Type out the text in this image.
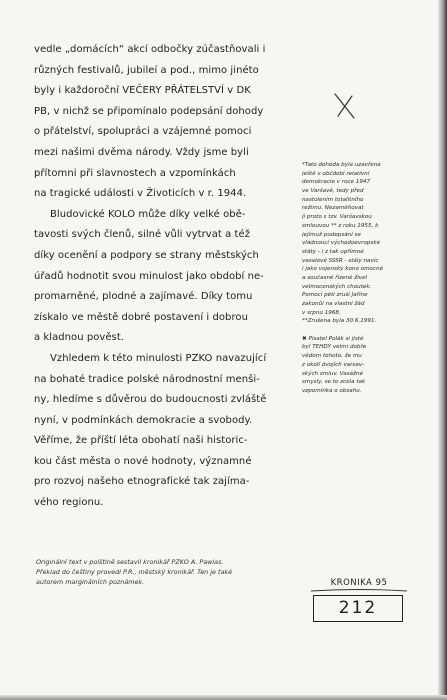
vedle „domácích“ akcí odbočky zúčastňovali i
různých festivalů, jubileí a pod., mimo jinéto
byly i každoroční VEČERY PŘÁTELSTVÍ v DK
PB, v nichž se připomínalo podepsání dohody
o přátelství, spolupráci a vzájemné pomoci
mezi našimi dvěma národy. Vždy jsme byli
přítomni při slavnostech a vzpomínkách
na tragické události v Životicích v r. 1944.
Bludovické KOLO může díky velké obě-
tavosti svých členů, silné vůli vytrvat a též
díky ocenění a podpory se strany městských
úřadů hodnotit svou minulost jako období ne-
promarněné, plodné a zajímavé. Díky tomu
získalo ve městě dobré postavení i dobrou
a kladnou pověst.
Vzhledem k této minulosti PZKO navazující
na bohaté tradice polské národnostní menši-
ny, hledíme s důvěrou do budoucnosti zvláště
nyní, v podmínkách demokracie a svobody.
Věříme, že příští léta obohatí naši historic-
kou část města o nové hodnoty, významné
pro rozvoj našeho etnografické tak zajíma-
vého regionu.
*Tato dohoda byla uzavřena
ještě v občdobí relativní
demokracie v roce 1947
ve Varšavě, tedy před
nastolením totalitního
režimu. Nezaměňovat
ji proto s tzv. Varšavskou
smlouvou ** z roku 1955, k
jejímuž podepsání se
vládnoucí východoevropské
státy - i z tak upřímné
vasalové SSSR - stály navíc
i jako vojensky konó omocné
a současně řízené živel
velmocenských choutek.
Pomocí pěti zruší Jaříne
zakonůl na vlastní žád
v srpnu 1968.
**Zrušena byla 30.6.1991.
✖ Pisatel Polák si jistě
byl TEHDY velmi dobře
vědom tohoto, že mu
z okolí dvojích varsav-
ských smluv. Vasážné
smysly, se to zcela tak
vzpomínka o obsahu.
Originální text v polštině sestavil kronikář PZKO A. Pawlas.
Překlad do češtiny provedl P.R., městský kronikář. Ten je také
autorem marginálních poznámek.	KRONIKA 95
212
